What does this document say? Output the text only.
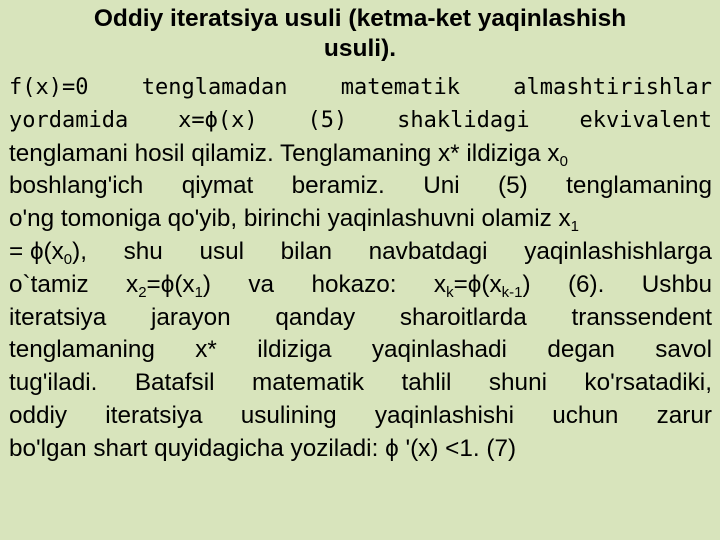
Oddiy iteratsiya usuli (ketma-ket yaqinlashish
usuli).
f(x)=0 tenglamadan matematik almashtirishlar
yordamida x=ϕ(x) (5) shaklidagi ekvivalent
tenglamani hosil qilamiz. Tenglamaning x* ildiziga $x_0$
boshlang'ich qiymat beramiz. Uni (5) tenglamaning
o'ng tomoniga qo'yib, birinchi yaqinlashuvni olamiz $x_1$
= $\phi(x_0)$, shu usul bilan navbatdagi yaqinlashishlarga
o`tamiz $x_2=\phi(x_1)$ va hokazo: $x_k=\phi(x_{k-1})$ (6). Ushbu
iteratsiya jarayon qanday sharoitlarda transsendent
tenglamaning x* ildiziga yaqinlashadi degan savol
tug'iladi. Batafsil matematik tahlil shuni ko'rsatadiki,
oddiy iteratsiya usulining yaqinlashishi uchun zarur
bo'lgan shart quyidagicha yoziladi: ϕ '(x) <1. (7)
